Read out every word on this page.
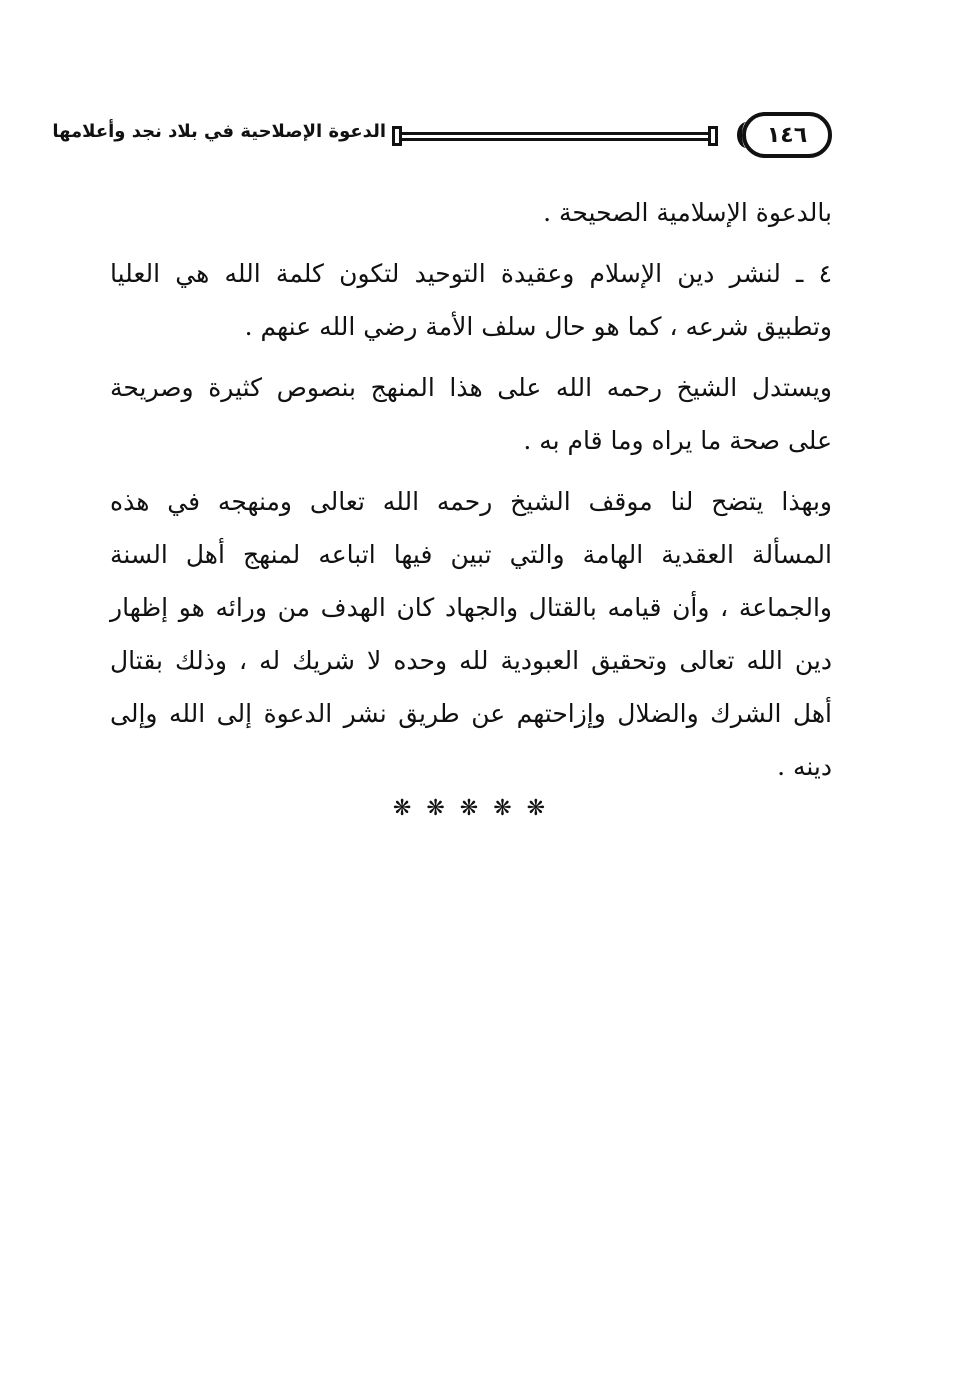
١٤٦
الدعوة الإصلاحية في بلاد نجد وأعلامها
بالدعوة الإسلامية الصحيحة .
٤ ـ لنشر دين الإسلام وعقيدة التوحيد لتكون كلمة الله هي العليا
وتطبيق شرعه ، كما هو حال سلف الأمة رضي الله عنهم .
ويستدل الشيخ رحمه الله على هذا المنهج بنصوص كثيرة وصريحة
على صحة ما يراه وما قام به .
وبهذا يتضح لنا موقف الشيخ رحمه الله تعالى ومنهجه في هذه
المسألة العقدية الهامة والتي تبين فيها اتباعه لمنهج أهل السنة
والجماعة ، وأن قيامه بالقتال والجهاد كان الهدف من ورائه هو إظهار
دين الله تعالى وتحقيق العبودية لله وحده لا شريك له ، وذلك بقتال
أهل الشرك والضلال وإزاحتهم عن طريق نشر الدعوة إلى الله وإلى
دينه .
❋ ❋ ❋ ❋ ❋
